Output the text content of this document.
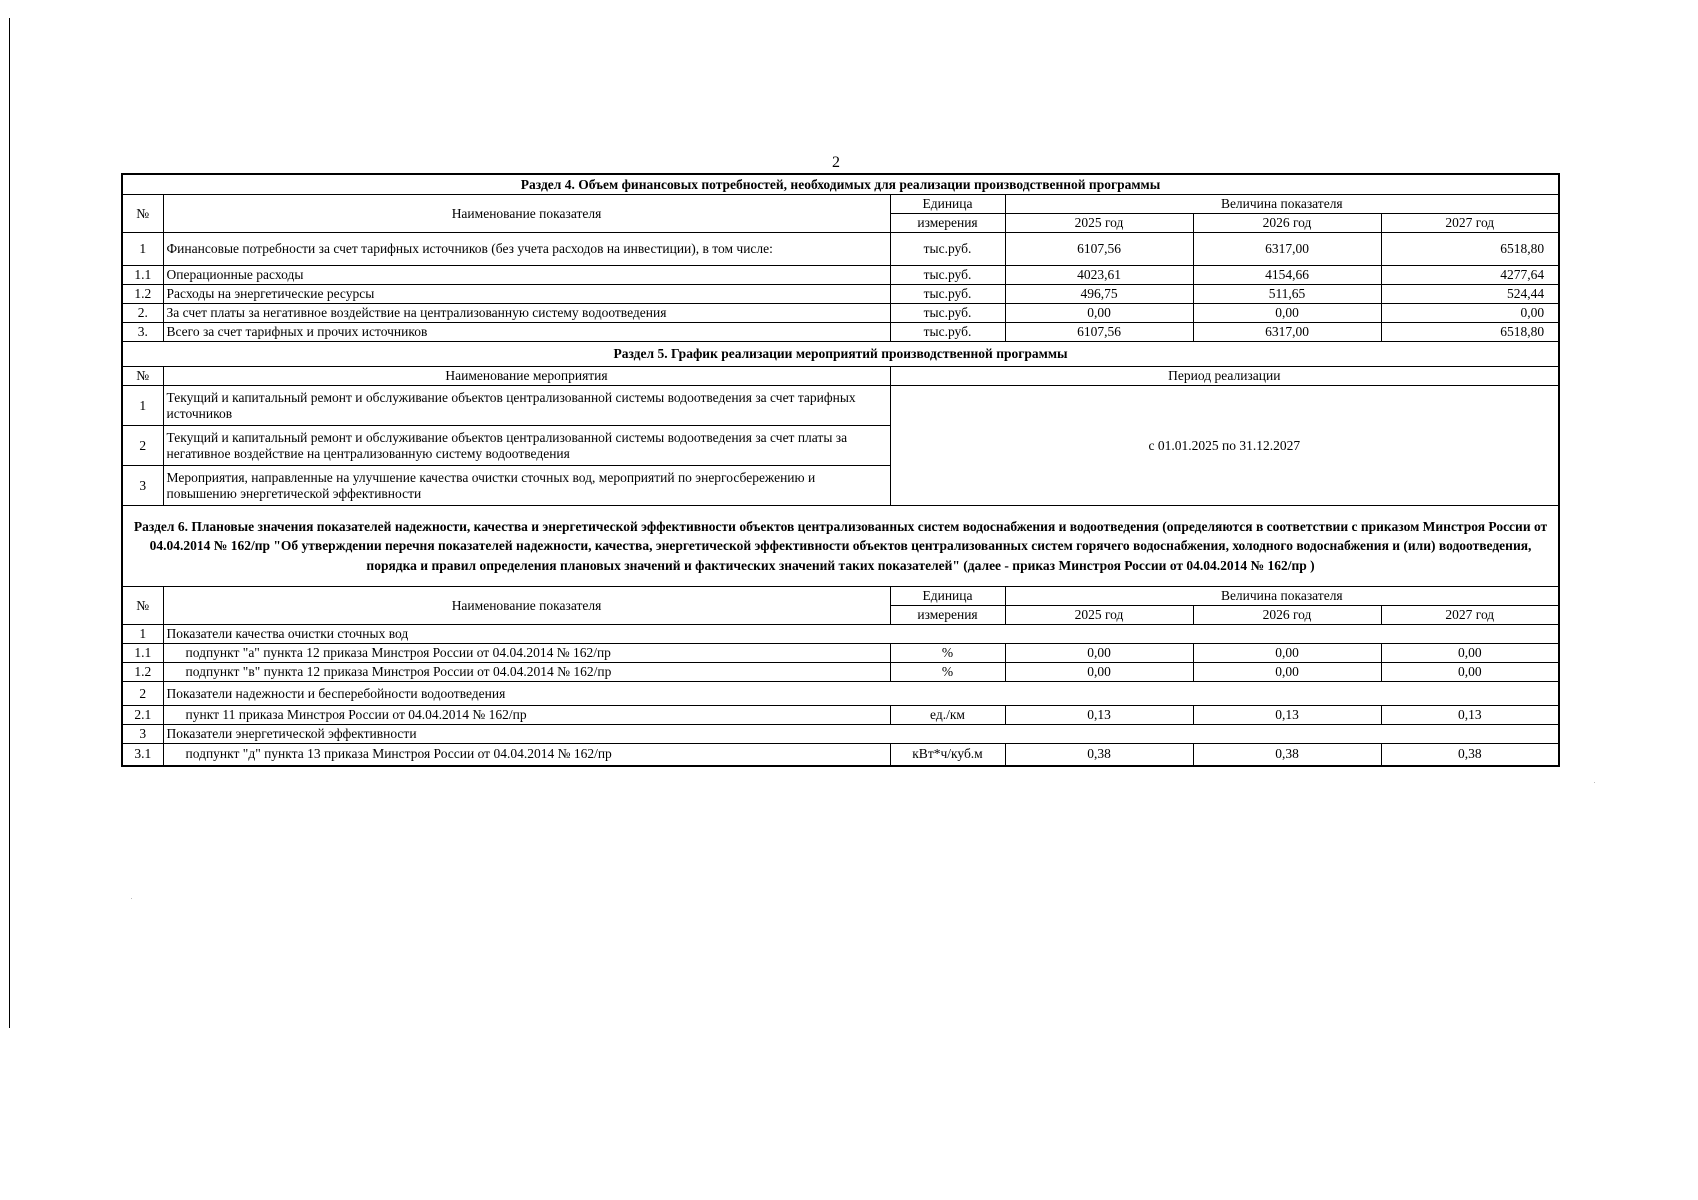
2
Раздел 4. Объем финансовых потребностей, необходимых для реализации производственной программы					
№	Наименование показателя	Единица	Величина показателя		
		измерения	2025 год	2026 год	2027 год
1	Финансовые потребности за счет тарифных источников (без учета расходов на инвестиции), в том числе:	тыс.руб.	6107,56	6317,00	6518,80
1.1	Операционные расходы	тыс.руб.	4023,61	4154,66	4277,64
1.2	Расходы на энергетические ресурсы	тыс.руб.	496,75	511,65	524,44
2.	За счет платы за негативное воздействие на централизованную систему водоотведения	тыс.руб.	0,00	0,00	0,00
3.	Всего за счет тарифных и прочих источников	тыс.руб.	6107,56	6317,00	6518,80
Раздел 5. График реализации мероприятий производственной программы					
№	Наименование мероприятия	Период реализации			
1	Текущий и капитальный ремонт и обслуживание объектов централизованной системы водоотведения за счет тарифных источников	с 01.01.2025 по 31.12.2027			
2	Текущий и капитальный ремонт и обслуживание объектов централизованной системы водоотведения за счет платы за негативное воздействие на централизованную систему водоотведения				
3	Мероприятия, направленные на улучшение качества очистки сточных вод, мероприятий по энергосбережению и повышению энергетической эффективности				
Раздел 6. Плановые значения показателей надежности, качества и энергетической эффективности объектов централизованных систем водоснабжения и водоотведения (определяются в соответствии с приказом Минстроя России от 04.04.2014 № 162/пр "Об утверждении перечня показателей надежности, качества, энергетической эффективности объектов централизованных систем горячего водоснабжения, холодного водоснабжения и (или) водоотведения, порядка и правил определения плановых значений и фактических значений таких показателей" (далее - приказ Минстроя России от 04.04.2014 № 162/пр )					
№	Наименование показателя	Единица	Величина показателя		
		измерения	2025 год	2026 год	2027 год
1	Показатели качества очистки сточных вод				
1.1	подпункт "а" пункта 12 приказа Минстроя России от 04.04.2014 № 162/пр	%	0,00	0,00	0,00
1.2	подпункт "в" пункта 12 приказа Минстроя России от 04.04.2014 № 162/пр	%	0,00	0,00	0,00
2	Показатели надежности и бесперебойности водоотведения				
2.1	пункт 11 приказа Минстроя России от 04.04.2014 № 162/пр	ед./км	0,13	0,13	0,13
3	Показатели энергетической эффективности				
3.1	подпункт "д" пункта 13 приказа Минстроя России от 04.04.2014 № 162/пр	кВт*ч/куб.м	0,38	0,38	0,38
